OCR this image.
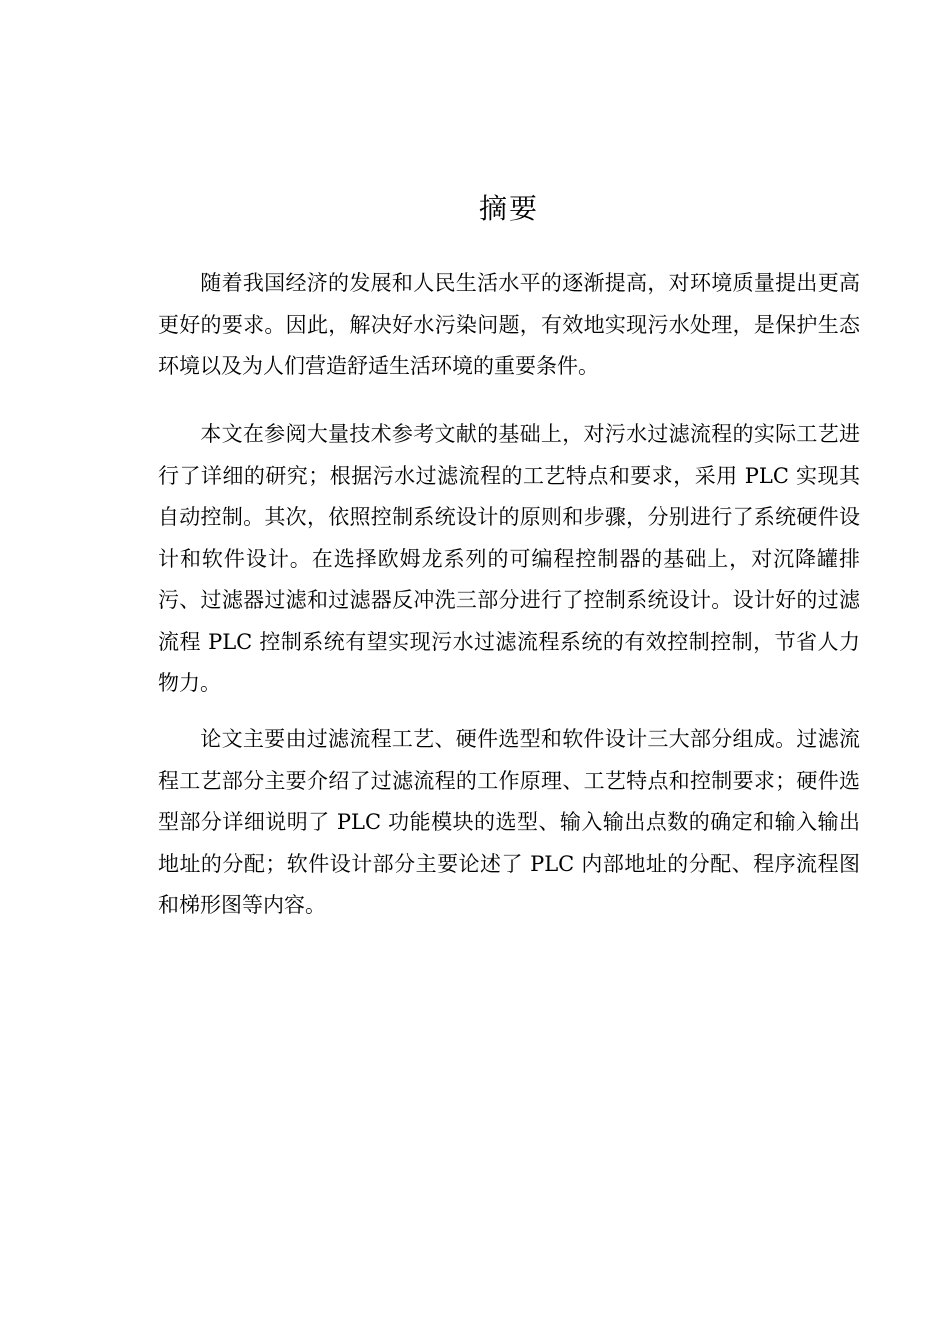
摘要

随着我国经济的发展和人民生活水平的逐渐提高，对环境质量提出更高更好的要求。因此，解决好水污染问题，有效地实现污水处理，是保护生态环境以及为人们营造舒适生活环境的重要条件。

本文在参阅大量技术参考文献的基础上，对污水过滤流程的实际工艺进行了详细的研究；根据污水过滤流程的工艺特点和要求，采用 PLC 实现其自动控制。其次，依照控制系统设计的原则和步骤，分别进行了系统硬件设计和软件设计。在选择欧姆龙系列的可编程控制器的基础上，对沉降罐排污、过滤器过滤和过滤器反冲洗三部分进行了控制系统设计。设计好的过滤流程 PLC 控制系统有望实现污水过滤流程系统的有效控制控制，节省人力物力。

论文主要由过滤流程工艺、硬件选型和软件设计三大部分组成。过滤流程工艺部分主要介绍了过滤流程的工作原理、工艺特点和控制要求；硬件选型部分详细说明了 PLC 功能模块的选型、输入输出点数的确定和输入输出地址的分配；软件设计部分主要论述了 PLC 内部地址的分配、程序流程图和梯形图等内容。
